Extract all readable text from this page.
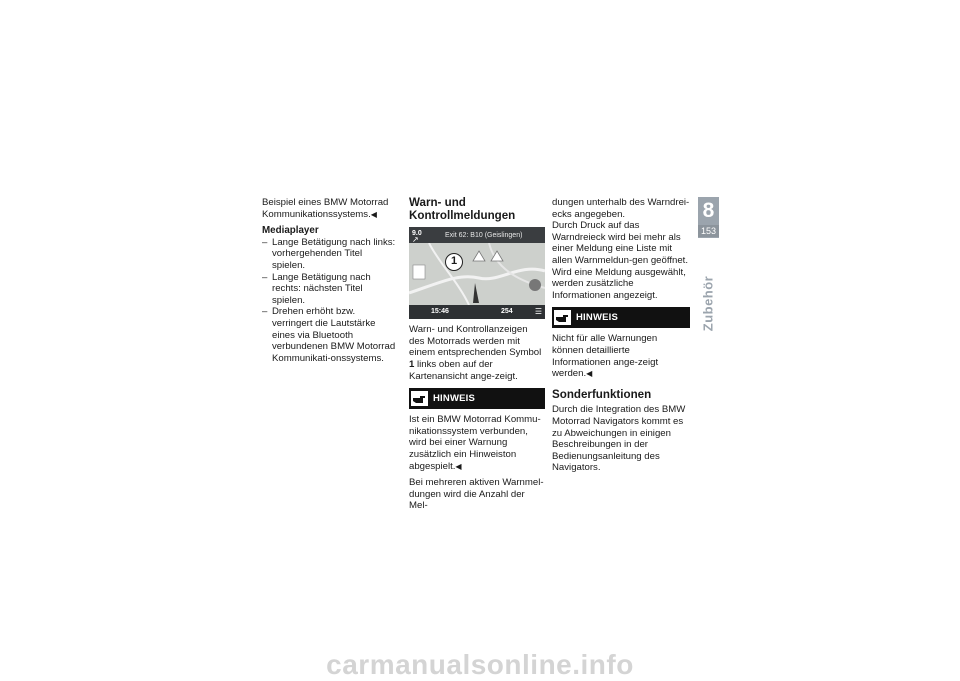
Beispiel eines BMW Motorrad Kommunikationssystems.◀

Mediaplayer

– Lange Betätigung nach links: vorhergehenden Titel spielen.

– Lange Betätigung nach rechts: nächsten Titel spielen.

– Drehen erhöht bzw. verringert die Lautstärke eines via Bluetooth verbundenen BMW Motorrad Kommunikati-onssystems.

Warn- und Kontrollmeldungen

9.0
↗	Exit 62: B10 (Geislingen)
1
15:46	254	☰

Warn- und Kontrollanzeigen des Motorrads werden mit einem entsprechenden Symbol 1 links oben auf der Kartenansicht ange-zeigt.

HINWEIS

Ist ein BMW Motorrad Kommu-nikationssystem verbunden, wird bei einer Warnung zusätzlich ein Hinweiston abgespielt.◀

Bei mehreren aktiven Warnmel-dungen wird die Anzahl der Mel-

dungen unterhalb des Warndrei-ecks angegeben.

Durch Druck auf das Warndreieck wird bei mehr als einer Meldung eine Liste mit allen Warnmeldun-gen geöffnet.

Wird eine Meldung ausgewählt, werden zusätzliche Informationen angezeigt.

HINWEIS

Nicht für alle Warnungen können detaillierte Informationen ange-zeigt werden.◀

Sonderfunktionen

Durch die Integration des BMW Motorrad Navigators kommt es zu Abweichungen in einigen Beschreibungen in der Bedienungsanleitung des Navigators.

8
153
Zubehör
carmanualsonline.info
